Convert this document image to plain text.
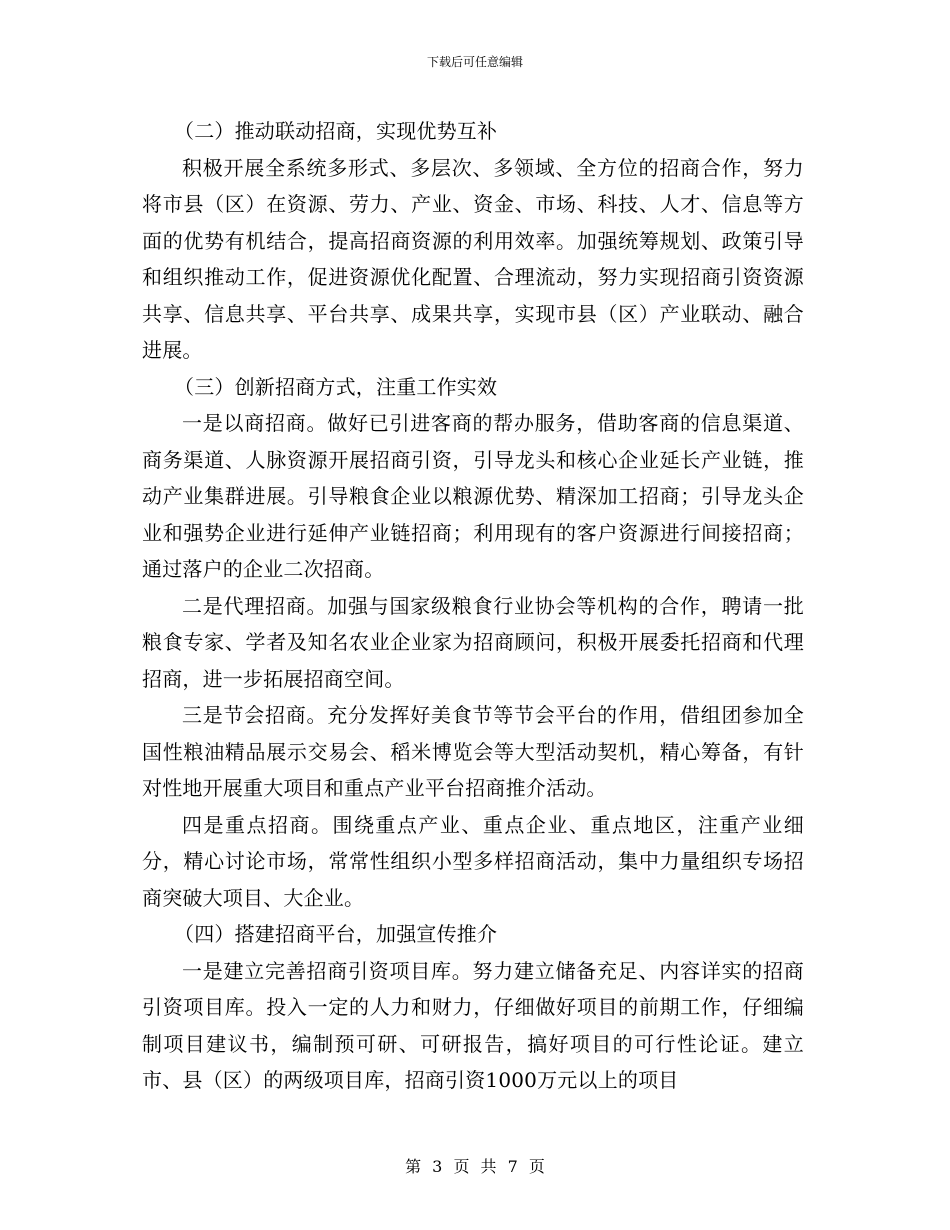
下载后可任意编辑

（二）推动联动招商，实现优势互补

积极开展全系统多形式、多层次、多领域、全方位的招商合作，努力将市县（区）在资源、劳力、产业、资金、市场、科技、人才、信息等方面的优势有机结合，提高招商资源的利用效率。加强统筹规划、政策引导和组织推动工作，促进资源优化配置、合理流动，努力实现招商引资资源共享、信息共享、平台共享、成果共享，实现市县（区）产业联动、融合进展。

（三）创新招商方式，注重工作实效

一是以商招商。做好已引进客商的帮办服务，借助客商的信息渠道、商务渠道、人脉资源开展招商引资，引导龙头和核心企业延长产业链，推动产业集群进展。引导粮食企业以粮源优势、精深加工招商；引导龙头企业和强势企业进行延伸产业链招商；利用现有的客户资源进行间接招商；通过落户的企业二次招商。

二是代理招商。加强与国家级粮食行业协会等机构的合作，聘请一批粮食专家、学者及知名农业企业家为招商顾问，积极开展委托招商和代理招商，进一步拓展招商空间。

三是节会招商。充分发挥好美食节等节会平台的作用，借组团参加全国性粮油精品展示交易会、稻米博览会等大型活动契机，精心筹备，有针对性地开展重大项目和重点产业平台招商推介活动。

四是重点招商。围绕重点产业、重点企业、重点地区，注重产业细分，精心讨论市场，常常性组织小型多样招商活动，集中力量组织专场招商突破大项目、大企业。

（四）搭建招商平台，加强宣传推介

一是建立完善招商引资项目库。努力建立储备充足、内容详实的招商引资项目库。投入一定的人力和财力，仔细做好项目的前期工作，仔细编制项目建议书，编制预可研、可研报告，搞好项目的可行性论证。建立市、县（区）的两级项目库，招商引资1000万元以上的项目

第 3 页 共 7 页
